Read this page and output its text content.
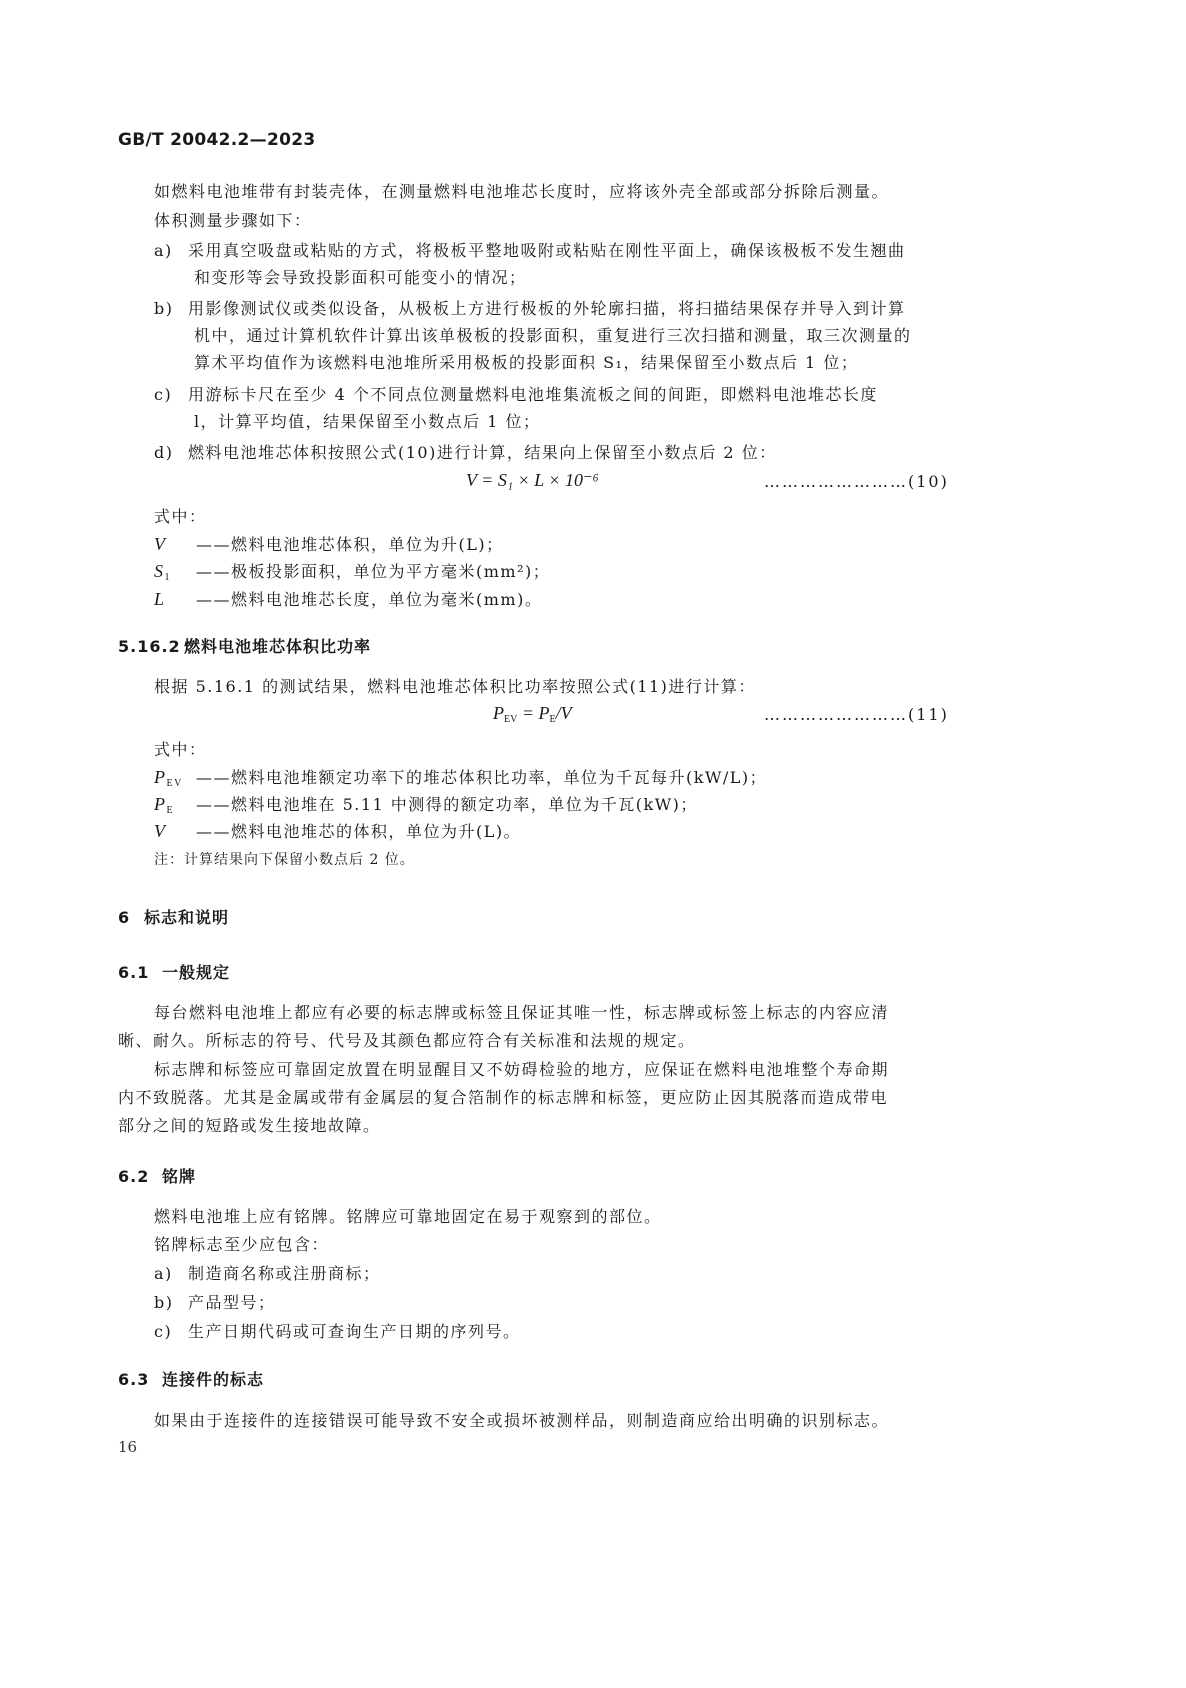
GB/T 20042.2—2023
如燃料电池堆带有封装壳体，在测量燃料电池堆芯长度时，应将该外壳全部或部分拆除后测量。
体积测量步骤如下：
a) 采用真空吸盘或粘贴的方式，将极板平整地吸附或粘贴在刚性平面上，确保该极板不发生翘曲
和变形等会导致投影面积可能变小的情况；
b) 用影像测试仪或类似设备，从极板上方进行极板的外轮廓扫描，将扫描结果保存并导入到计算
机中，通过计算机软件计算出该单极板的投影面积，重复进行三次扫描和测量，取三次测量的
算术平均值作为该燃料电池堆所采用极板的投影面积 S₁，结果保留至小数点后 1 位；
c) 用游标卡尺在至少 4 个不同点位测量燃料电池堆集流板之间的间距，即燃料电池堆芯长度
l，计算平均值，结果保留至小数点后 1 位；
d) 燃料电池堆芯体积按照公式(10)进行计算，结果向上保留至小数点后 2 位：
V = S₁ × L × 10⁻⁶	……………………(10)
式中：
V ——燃料电池堆芯体积，单位为升(L)；
$S_1$ ——极板投影面积，单位为平方毫米(mm²)；
L ——燃料电池堆芯长度，单位为毫米(mm)。
5.16.2 燃料电池堆芯体积比功率
根据 5.16.1 的测试结果，燃料电池堆芯体积比功率按照公式(11)进行计算：
$P_{EV} = P_E/V$	……………………(11)
式中：
$P_{EV}$ ——燃料电池堆额定功率下的堆芯体积比功率，单位为千瓦每升(kW/L)；
$P_E$ ——燃料电池堆在 5.11 中测得的额定功率，单位为千瓦(kW)；
V ——燃料电池堆芯的体积，单位为升(L)。
注：计算结果向下保留小数点后 2 位。
6 标志和说明
6.1 一般规定
每台燃料电池堆上都应有必要的标志牌或标签且保证其唯一性，标志牌或标签上标志的内容应清
晰、耐久。所标志的符号、代号及其颜色都应符合有关标准和法规的规定。
标志牌和标签应可靠固定放置在明显醒目又不妨碍检验的地方，应保证在燃料电池堆整个寿命期
内不致脱落。尤其是金属或带有金属层的复合箔制作的标志牌和标签，更应防止因其脱落而造成带电
部分之间的短路或发生接地故障。
6.2 铭牌
燃料电池堆上应有铭牌。铭牌应可靠地固定在易于观察到的部位。
铭牌标志至少应包含：
a) 制造商名称或注册商标；
b) 产品型号；
c) 生产日期代码或可查询生产日期的序列号。
6.3 连接件的标志
如果由于连接件的连接错误可能导致不安全或损坏被测样品，则制造商应给出明确的识别标志。
16
